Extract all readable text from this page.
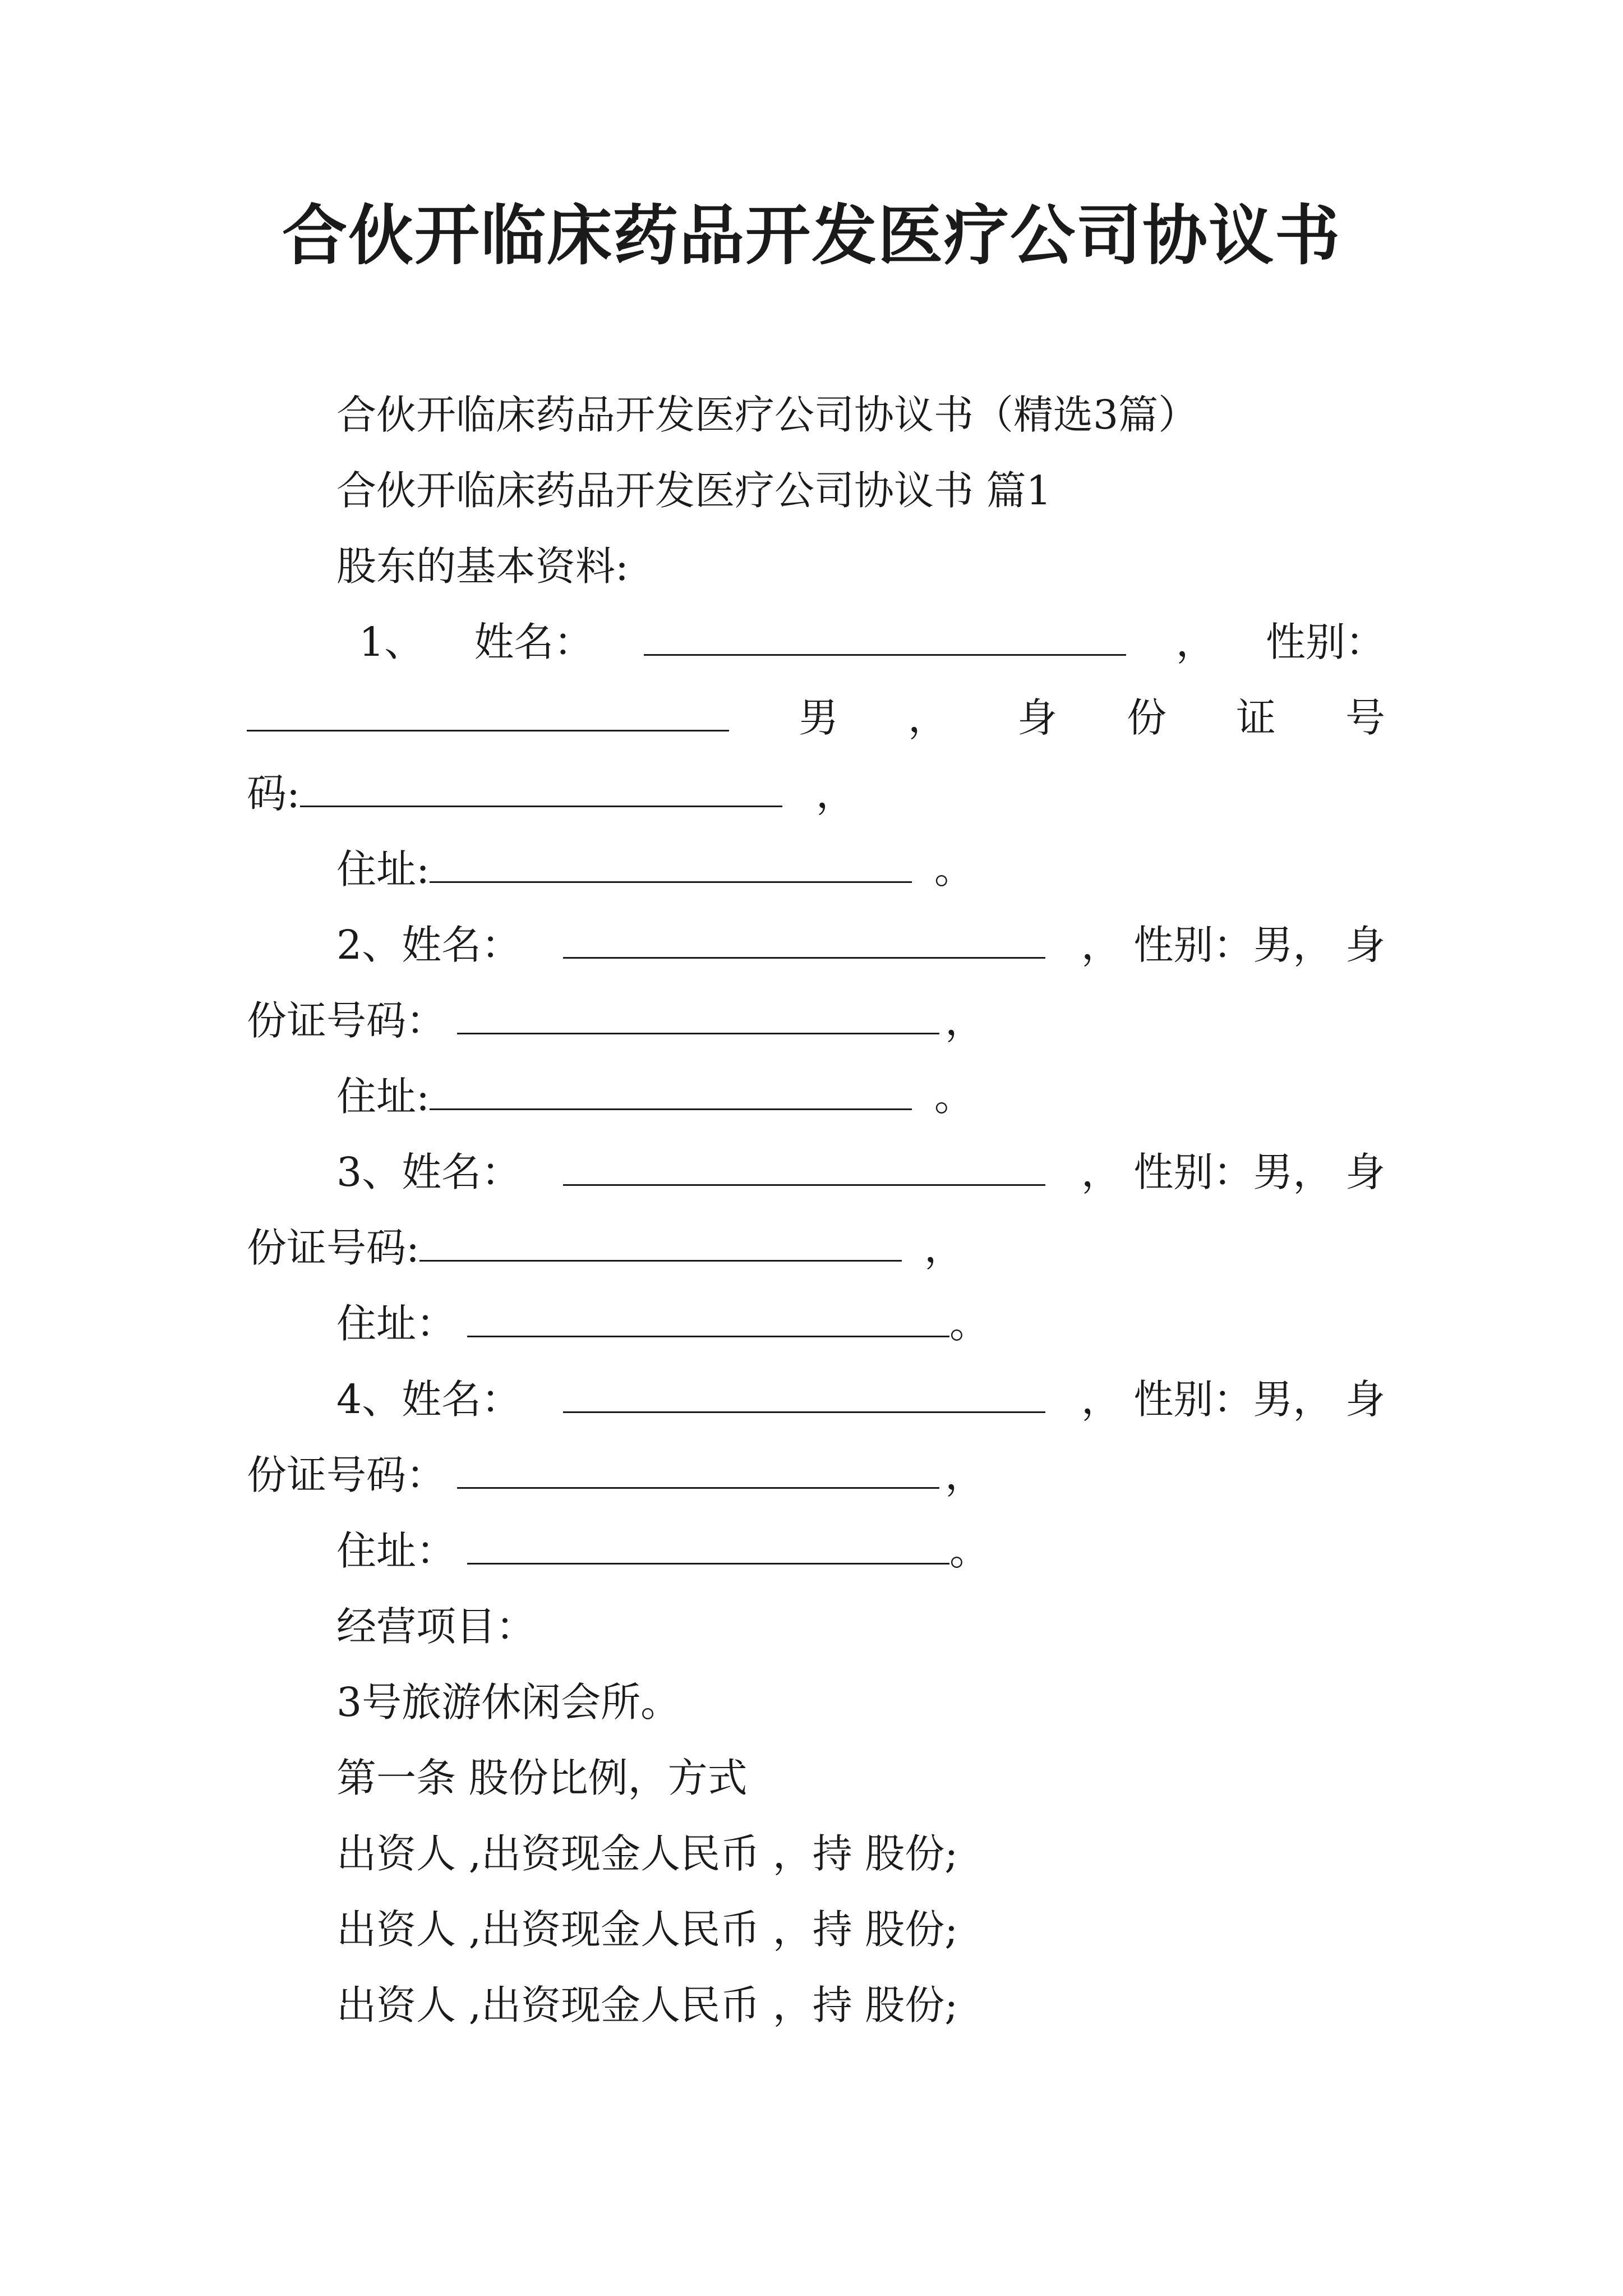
合伙开临床药品开发医疗公司协议书
合伙开临床药品开发医疗公司协议书（精选3篇）
合伙开临床药品开发医疗公司协议书 篇1
股东的基本资料:
1、 姓名：	， 性别：
男 ， 身 份 证 号
码:	，
住址:	。
2、姓名：	， 性别：男， 身
份证号码：	，
住址:	。
3、姓名：	， 性别：男， 身
份证号码:	，
住址：	。
4、姓名：	， 性别：男， 身
份证号码：	，
住址：	。
经营项目：
3号旅游休闲会所。
第一条 股份比例，方式
出资人 ,出资现金人民币 ，持 股份;
出资人 ,出资现金人民币 ，持 股份;
出资人 ,出资现金人民币 ，持 股份;
